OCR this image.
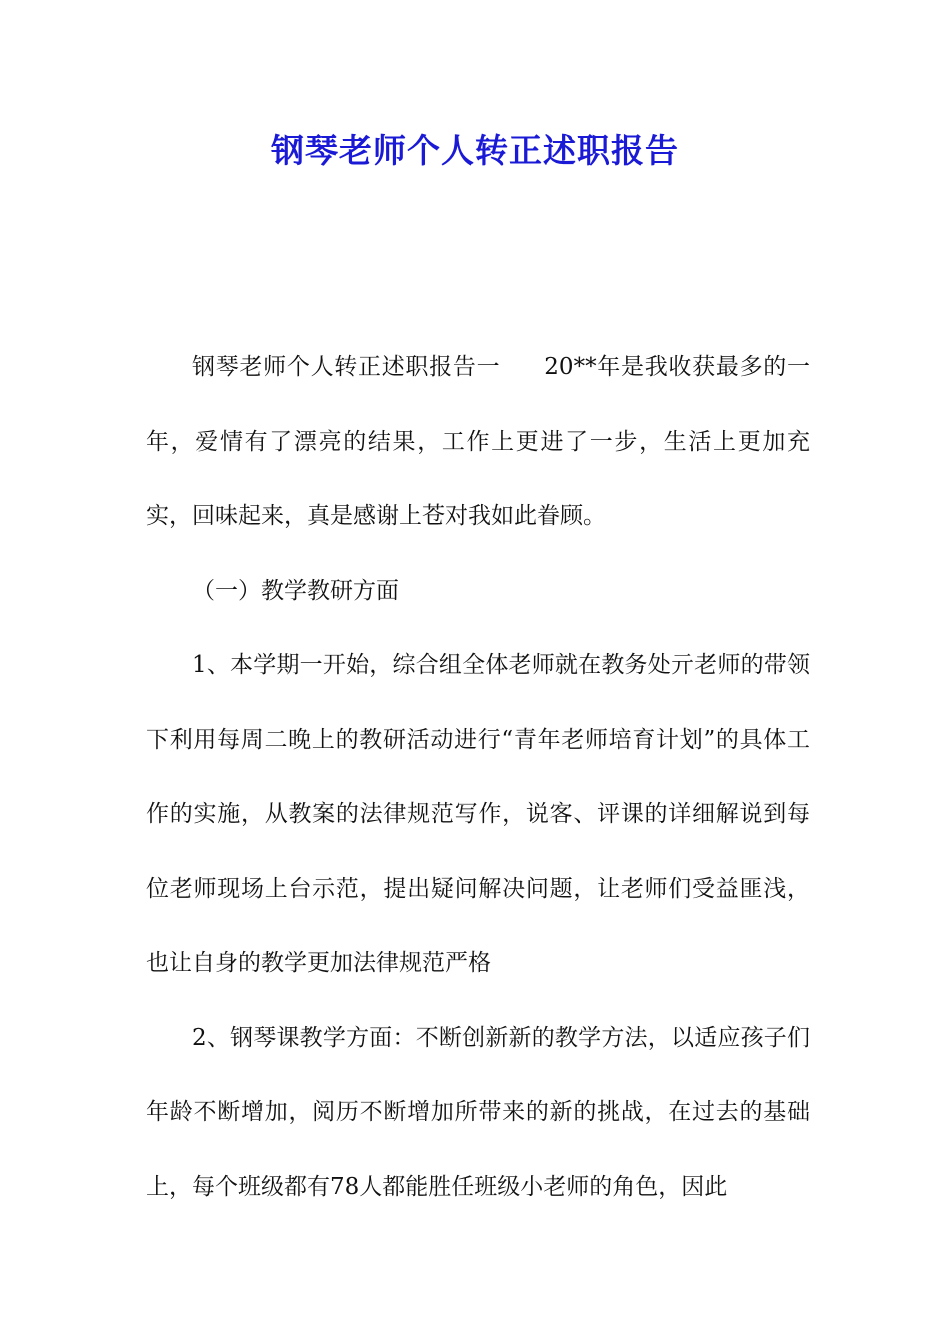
钢琴老师个人转正述职报告

钢琴老师个人转正述职报告一 20**年是我收获最多的一年，爱情有了漂亮的结果，工作上更进了一步，生活上更加充实，回味起来，真是感谢上苍对我如此眷顾。

（一）教学教研方面

1、本学期一开始，综合组全体老师就在教务处亓老师的带领下利用每周二晚上的教研活动进行“青年老师培育计划”的具体工作的实施，从教案的法律规范写作，说客、评课的详细解说到每位老师现场上台示范，提出疑问解决问题，让老师们受益匪浅，也让自身的教学更加法律规范严格

2、钢琴课教学方面：不断创新新的教学方法，以适应孩子们年龄不断增加，阅历不断增加所带来的新的挑战，在过去的基础上，每个班级都有78人都能胜任班级小老师的角色，因此
